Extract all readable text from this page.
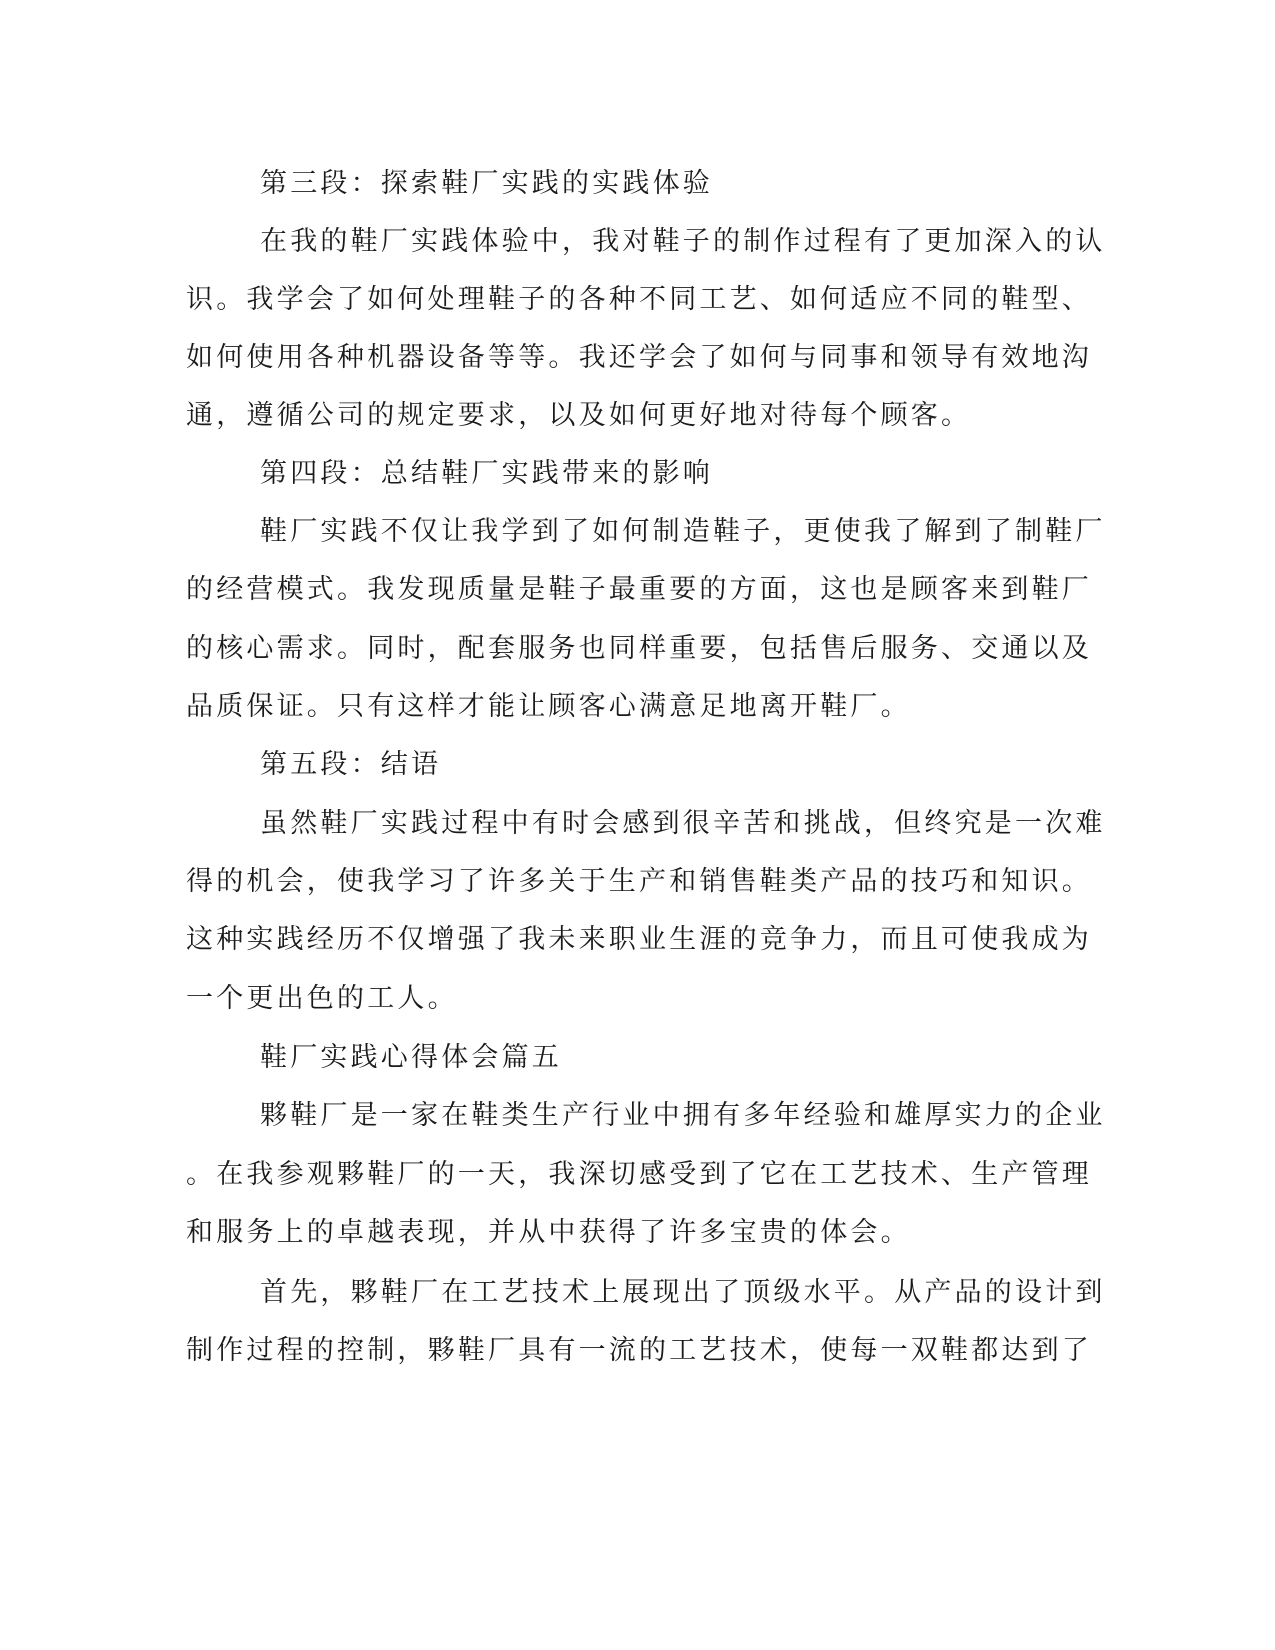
第三段：探索鞋厂实践的实践体验
在我的鞋厂实践体验中，我对鞋子的制作过程有了更加深入的认
识。我学会了如何处理鞋子的各种不同工艺、如何适应不同的鞋型、
如何使用各种机器设备等等。我还学会了如何与同事和领导有效地沟
通，遵循公司的规定要求，以及如何更好地对待每个顾客。
第四段：总结鞋厂实践带来的影响
鞋厂实践不仅让我学到了如何制造鞋子，更使我了解到了制鞋厂
的经营模式。我发现质量是鞋子最重要的方面，这也是顾客来到鞋厂
的核心需求。同时，配套服务也同样重要，包括售后服务、交通以及
品质保证。只有这样才能让顾客心满意足地离开鞋厂。
第五段：结语
虽然鞋厂实践过程中有时会感到很辛苦和挑战，但终究是一次难
得的机会，使我学习了许多关于生产和销售鞋类产品的技巧和知识。
这种实践经历不仅增强了我未来职业生涯的竞争力，而且可使我成为
一个更出色的工人。
鞋厂实践心得体会篇五
夥鞋厂是一家在鞋类生产行业中拥有多年经验和雄厚实力的企业
。在我参观夥鞋厂的一天，我深切感受到了它在工艺技术、生产管理
和服务上的卓越表现，并从中获得了许多宝贵的体会。
首先，夥鞋厂在工艺技术上展现出了顶级水平。从产品的设计到
制作过程的控制，夥鞋厂具有一流的工艺技术，使每一双鞋都达到了
